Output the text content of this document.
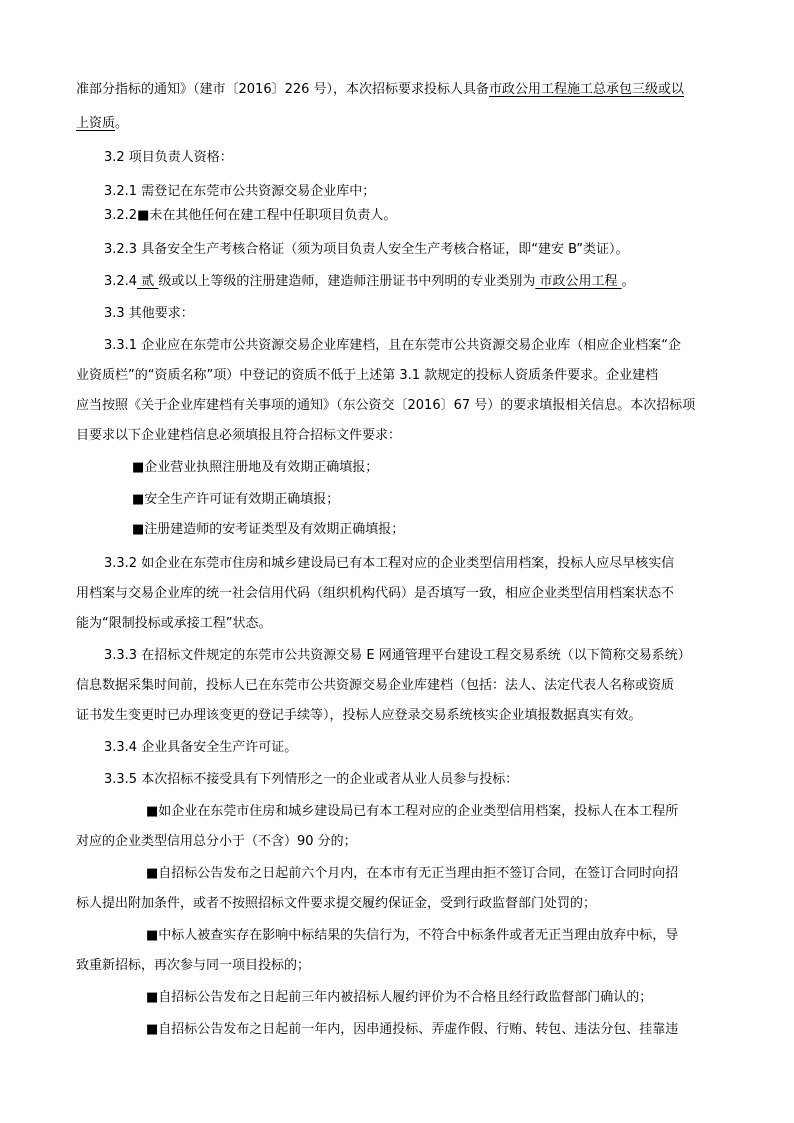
准部分指标的通知》（建市〔2016〕226 号），本次招标要求投标人具备市政公用工程施工总承包三级或以
上资质。
3.2 项目负责人资格：
3.2.1 需登记在东莞市公共资源交易企业库中；
3.2.2■未在其他任何在建工程中任职项目负责人。
3.2.3 具备安全生产考核合格证（须为项目负责人安全生产考核合格证，即“建安 B”类证）。
3.2.4 贰 级或以上等级的注册建造师，建造师注册证书中列明的专业类别为 市政公用工程 。
3.3 其他要求：
3.3.1 企业应在东莞市公共资源交易企业库建档，且在东莞市公共资源交易企业库（相应企业档案“企
业资质栏”的“资质名称”项）中登记的资质不低于上述第 3.1 款规定的投标人资质条件要求。企业建档
应当按照《关于企业库建档有关事项的通知》（东公资交〔2016〕67 号）的要求填报相关信息。本次招标项
目要求以下企业建档信息必须填报且符合招标文件要求：
■企业营业执照注册地及有效期正确填报；
■安全生产许可证有效期正确填报；
■注册建造师的安考证类型及有效期正确填报；
3.3.2 如企业在东莞市住房和城乡建设局已有本工程对应的企业类型信用档案，投标人应尽早核实信
用档案与交易企业库的统一社会信用代码（组织机构代码）是否填写一致，相应企业类型信用档案状态不
能为“限制投标或承接工程”状态。
3.3.3 在招标文件规定的东莞市公共资源交易 E 网通管理平台建设工程交易系统（以下简称交易系统）
信息数据采集时间前，投标人已在东莞市公共资源交易企业库建档（包括：法人、法定代表人名称或资质
证书发生变更时已办理该变更的登记手续等），投标人应登录交易系统核实企业填报数据真实有效。
3.3.4 企业具备安全生产许可证。
3.3.5 本次招标不接受具有下列情形之一的企业或者从业人员参与投标：
■如企业在东莞市住房和城乡建设局已有本工程对应的企业类型信用档案，投标人在本工程所
对应的企业类型信用总分小于（不含）90 分的；
■自招标公告发布之日起前六个月内，在本市有无正当理由拒不签订合同，在签订合同时向招
标人提出附加条件，或者不按照招标文件要求提交履约保证金，受到行政监督部门处罚的；
■中标人被查实存在影响中标结果的失信行为，不符合中标条件或者无正当理由放弃中标，导
致重新招标，再次参与同一项目投标的；
■自招标公告发布之日起前三年内被招标人履约评价为不合格且经行政监督部门确认的；
■自招标公告发布之日起前一年内，因串通投标、弄虚作假、行贿、转包、违法分包、挂靠违
